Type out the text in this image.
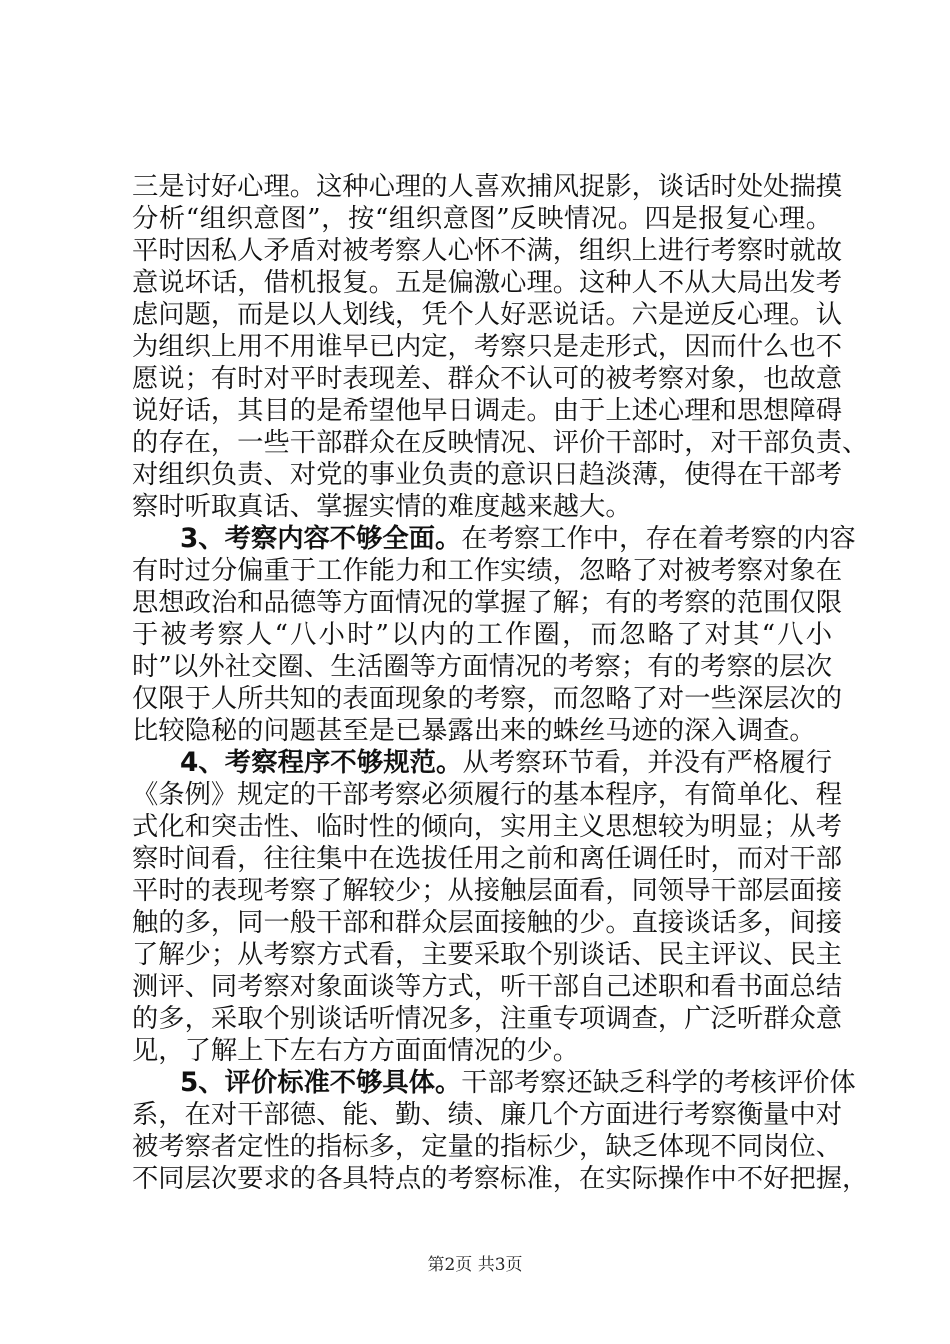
三是讨好心理。这种心理的人喜欢捕风捉影，谈话时处处揣摸
分析“组织意图”，按“组织意图”反映情况。四是报复心理。
平时因私人矛盾对被考察人心怀不满，组织上进行考察时就故
意说坏话，借机报复。五是偏激心理。这种人不从大局出发考
虑问题，而是以人划线，凭个人好恶说话。六是逆反心理。认
为组织上用不用谁早已内定，考察只是走形式，因而什么也不
愿说；有时对平时表现差、群众不认可的被考察对象，也故意
说好话，其目的是希望他早日调走。由于上述心理和思想障碍
的存在，一些干部群众在反映情况、评价干部时，对干部负责、
对组织负责、对党的事业负责的意识日趋淡薄，使得在干部考
察时听取真话、掌握实情的难度越来越大。
3、考察内容不够全面。在考察工作中，存在着考察的内容
有时过分偏重于工作能力和工作实绩，忽略了对被考察对象在
思想政治和品德等方面情况的掌握了解；有的考察的范围仅限
于被考察人“八小时”以内的工作圈，而忽略了对其“八小
时”以外社交圈、生活圈等方面情况的考察；有的考察的层次
仅限于人所共知的表面现象的考察，而忽略了对一些深层次的
比较隐秘的问题甚至是已暴露出来的蛛丝马迹的深入调查。
4、考察程序不够规范。从考察环节看，并没有严格履行
《条例》规定的干部考察必须履行的基本程序，有简单化、程
式化和突击性、临时性的倾向，实用主义思想较为明显；从考
察时间看，往往集中在选拔任用之前和离任调任时，而对干部
平时的表现考察了解较少；从接触层面看，同领导干部层面接
触的多，同一般干部和群众层面接触的少。直接谈话多，间接
了解少；从考察方式看，主要采取个别谈话、民主评议、民主
测评、同考察对象面谈等方式，听干部自己述职和看书面总结
的多，采取个别谈话听情况多，注重专项调查，广泛听群众意
见，了解上下左右方方面面情况的少。
5、评价标准不够具体。干部考察还缺乏科学的考核评价体
系，在对干部德、能、勤、绩、廉几个方面进行考察衡量中对
被考察者定性的指标多，定量的指标少，缺乏体现不同岗位、
不同层次要求的各具特点的考察标准，在实际操作中不好把握，
第2页 共3页
